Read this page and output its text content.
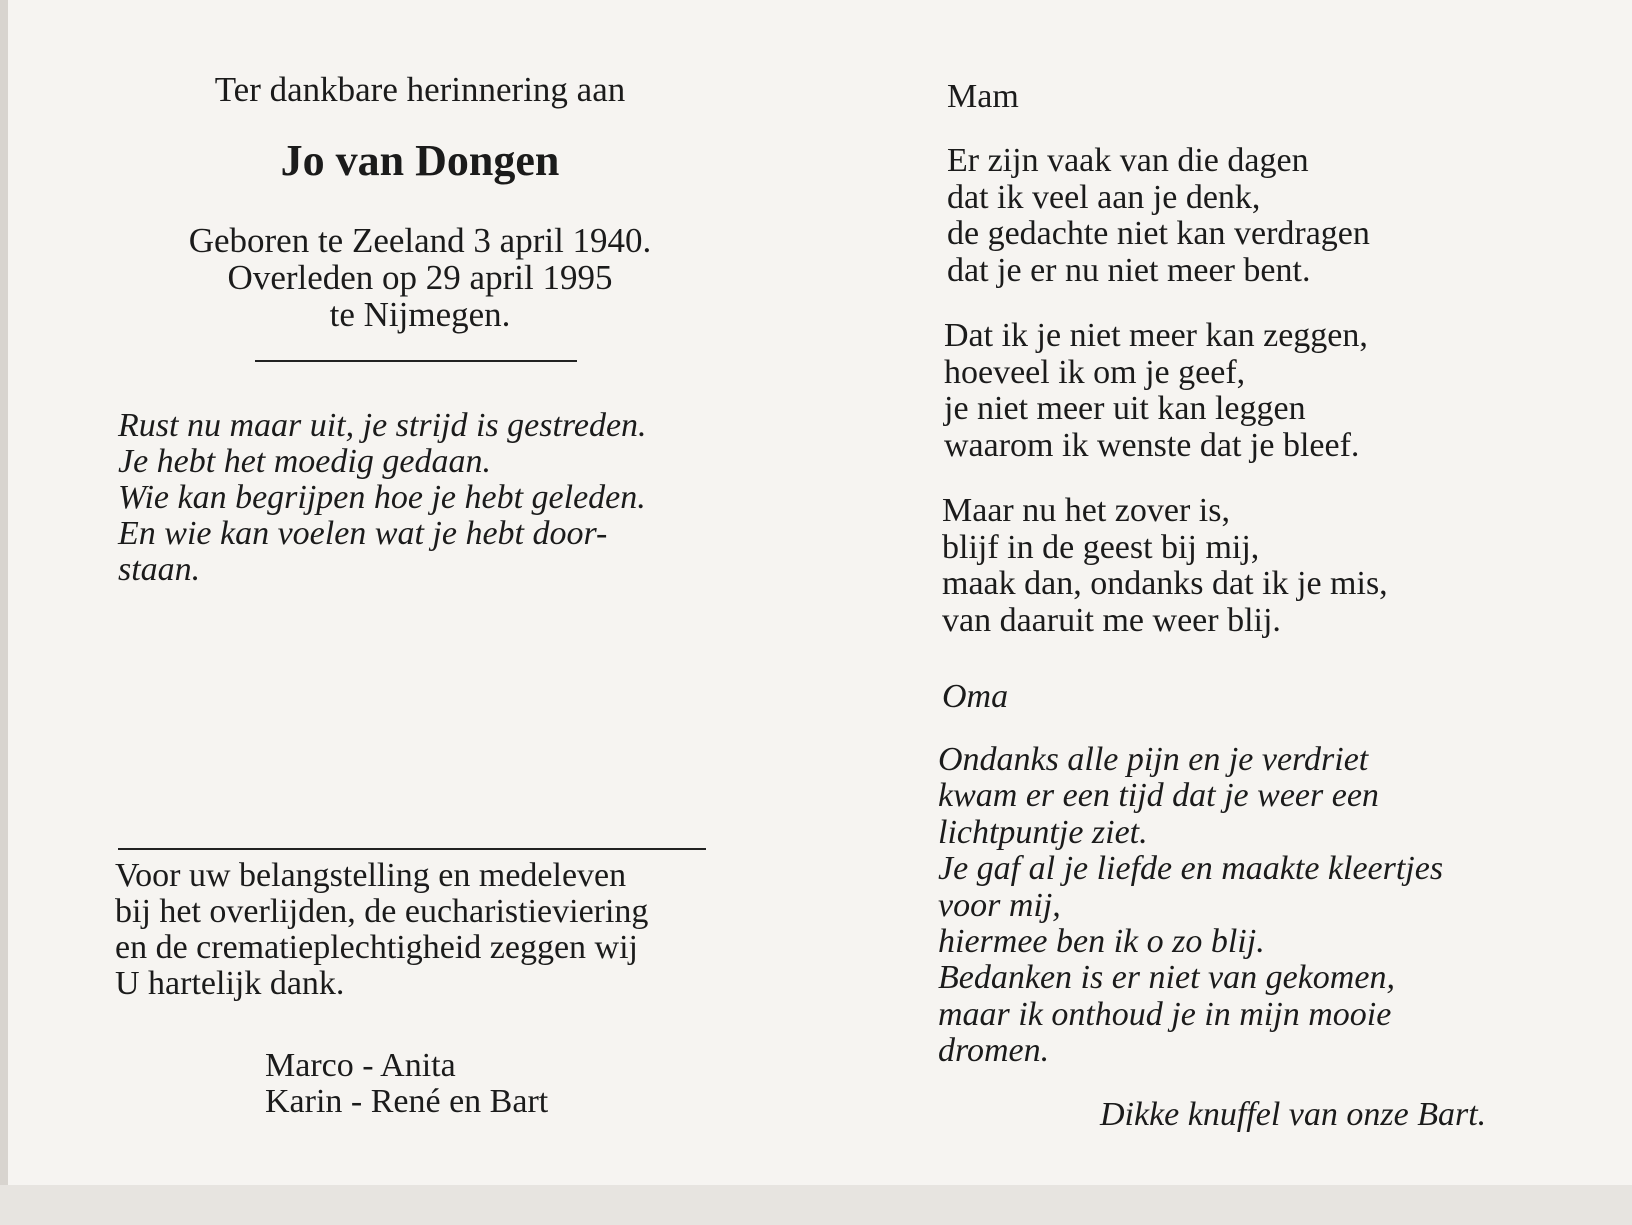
Ter dankbare herinnering aan

Jo van Dongen

Geboren te Zeeland 3 april 1940.
Overleden op 29 april 1995
te Nijmegen.
Rust nu maar uit, je strijd is gestreden.
Je hebt het moedig gedaan.
Wie kan begrijpen hoe je hebt geleden.
En wie kan voelen wat je hebt door-
staan.
Voor uw belangstelling en medeleven
bij het overlijden, de eucharistieviering
en de crematieplechtigheid zeggen wij
U hartelijk dank.
Marco - Anita
Karin - René en Bart

Mam

Er zijn vaak van die dagen
dat ik veel aan je denk,
de gedachte niet kan verdragen
dat je er nu niet meer bent.
Dat ik je niet meer kan zeggen,
hoeveel ik om je geef,
je niet meer uit kan leggen
waarom ik wenste dat je bleef.
Maar nu het zover is,
blijf in de geest bij mij,
maak dan, ondanks dat ik je mis,
van daaruit me weer blij.

Oma

Ondanks alle pijn en je verdriet
kwam er een tijd dat je weer een
lichtpuntje ziet.
Je gaf al je liefde en maakte kleertjes
voor mij,
hiermee ben ik o zo blij.
Bedanken is er niet van gekomen,
maar ik onthoud je in mijn mooie
dromen.

Dikke knuffel van onze Bart.
